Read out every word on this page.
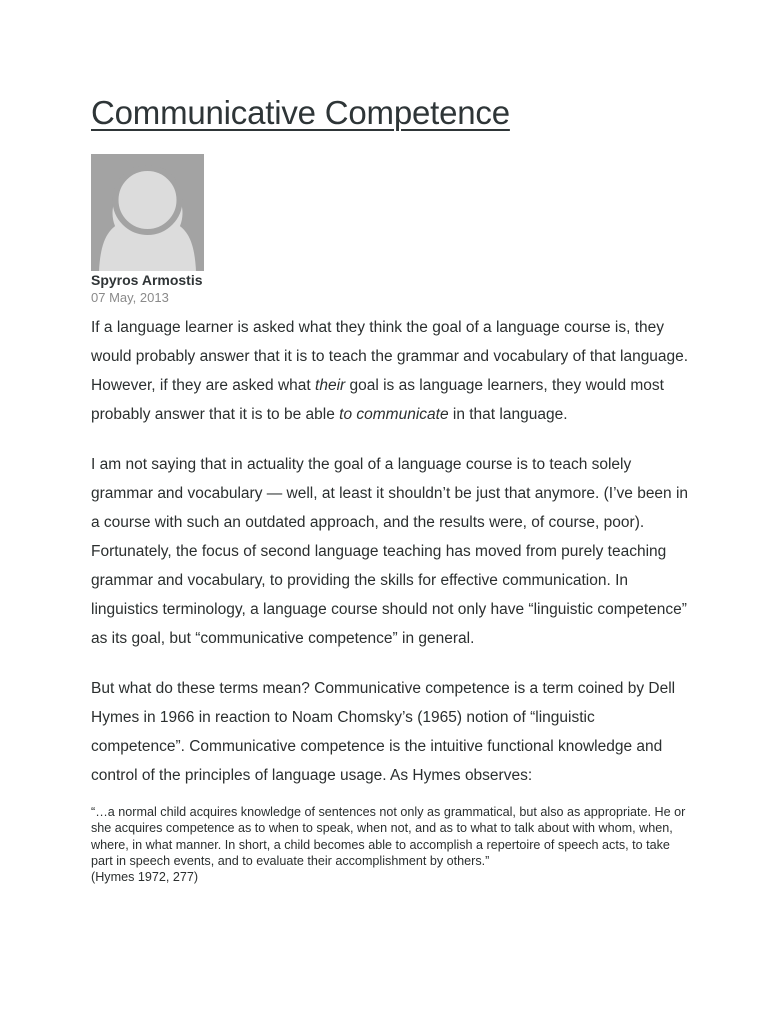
Communicative Competence
Spyros Armostis
07 May, 2013

If a language learner is asked what they think the goal of a language course is, they would probably answer that it is to teach the grammar and vocabulary of that language. However, if they are asked what their goal is as language learners, they would most probably answer that it is to be able to communicate in that language.

I am not saying that in actuality the goal of a language course is to teach solely grammar and vocabulary — well, at least it shouldn’t be just that anymore. (I’ve been in a course with such an outdated approach, and the results were, of course, poor). Fortunately, the focus of second language teaching has moved from purely teaching grammar and vocabulary, to providing the skills for effective communication. In linguistics terminology, a language course should not only have “linguistic competence” as its goal, but “communicative competence” in general.

But what do these terms mean? Communicative competence is a term coined by Dell Hymes in 1966 in reaction to Noam Chomsky’s (1965) notion of “linguistic competence”. Communicative competence is the intuitive functional knowledge and control of the principles of language usage. As Hymes observes:

“…a normal child acquires knowledge of sentences not only as grammatical, but also as appropriate. He or she acquires competence as to when to speak, when not, and as to what to talk about with whom, when, where, in what manner. In short, a child becomes able to accomplish a repertoire of speech acts, to take part in speech events, and to evaluate their accomplishment by others.”
(Hymes 1972, 277)
